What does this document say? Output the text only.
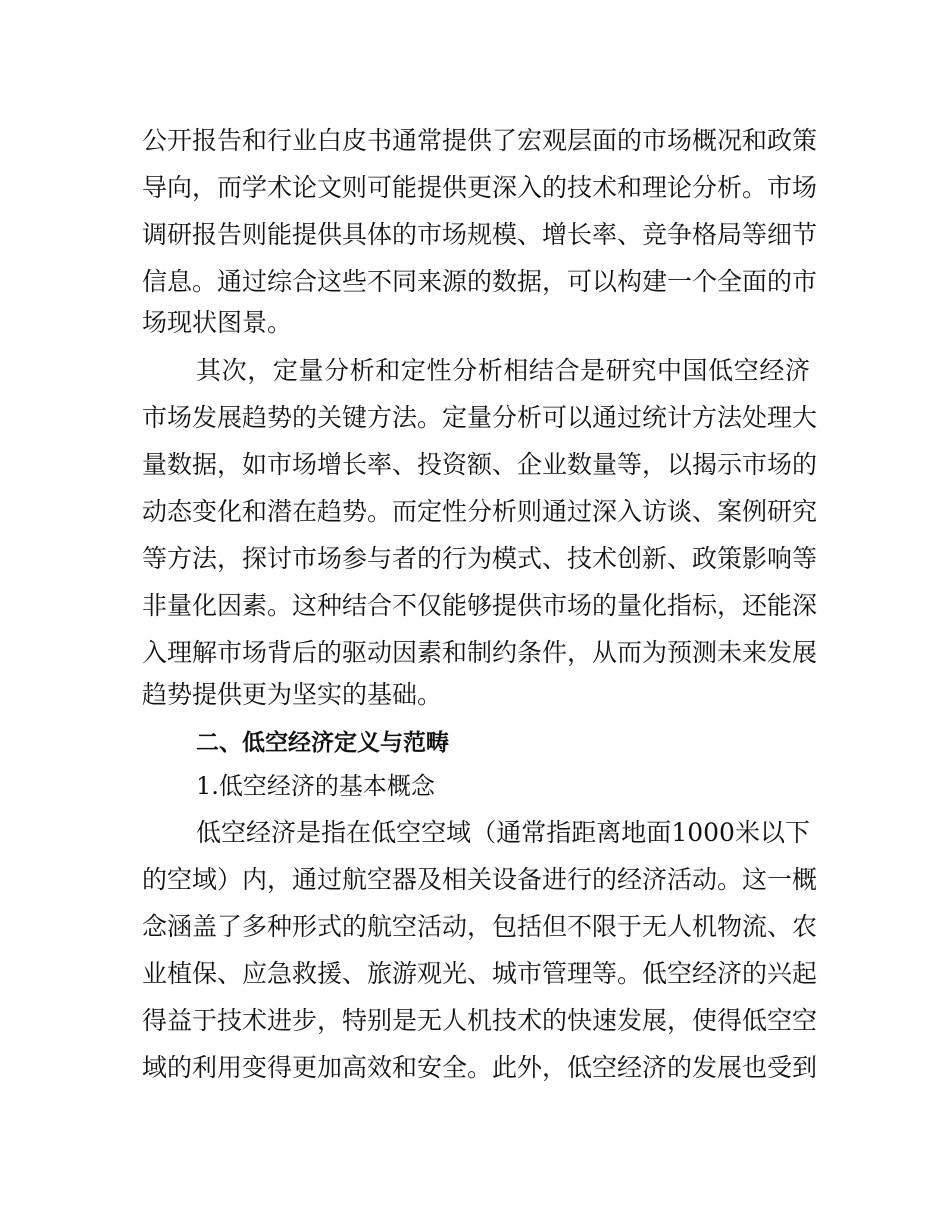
公开报告和行业白皮书通常提供了宏观层面的市场概况和政策
导向，而学术论文则可能提供更深入的技术和理论分析。市场
调研报告则能提供具体的市场规模、增长率、竞争格局等细节
信息。通过综合这些不同来源的数据，可以构建一个全面的市
场现状图景。
其次，定量分析和定性分析相结合是研究中国低空经济
市场发展趋势的关键方法。定量分析可以通过统计方法处理大
量数据，如市场增长率、投资额、企业数量等，以揭示市场的
动态变化和潜在趋势。而定性分析则通过深入访谈、案例研究
等方法，探讨市场参与者的行为模式、技术创新、政策影响等
非量化因素。这种结合不仅能够提供市场的量化指标，还能深
入理解市场背后的驱动因素和制约条件，从而为预测未来发展
趋势提供更为坚实的基础。
二、低空经济定义与范畴
1.低空经济的基本概念
低空经济是指在低空空域（通常指距离地面1000米以下
的空域）内，通过航空器及相关设备进行的经济活动。这一概
念涵盖了多种形式的航空活动，包括但不限于无人机物流、农
业植保、应急救援、旅游观光、城市管理等。低空经济的兴起
得益于技术进步，特别是无人机技术的快速发展，使得低空空
域的利用变得更加高效和安全。此外，低空经济的发展也受到
